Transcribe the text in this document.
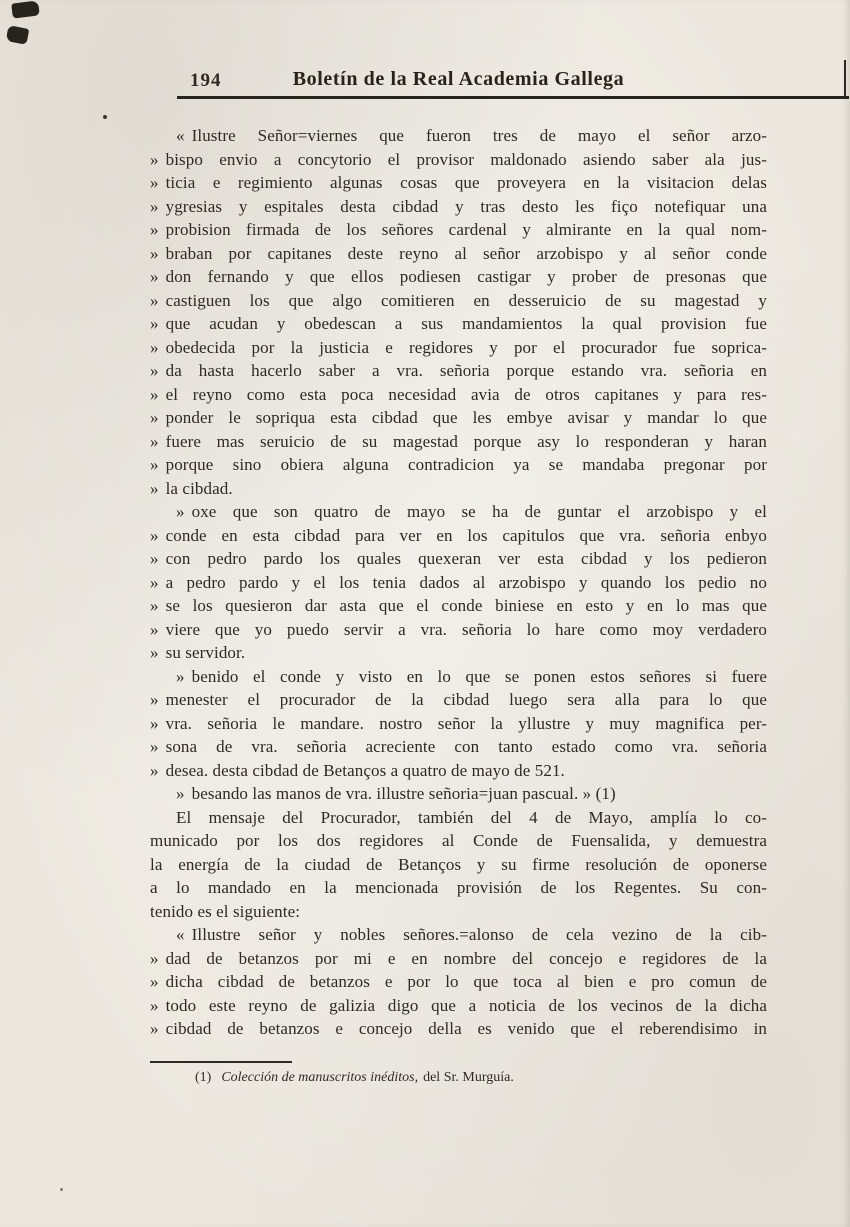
194	Boletín de la Real Academia Gallega
« Ilustre Señor=viernes que fueron tres de mayo el señor arzo-
» bispo envio a concytorio el provisor maldonado asiendo saber ala jus-
» ticia e regimiento algunas cosas que proveyera en la visitacion delas
» ygresias y espitales desta cibdad y tras desto les fiço notefiquar una
» probision firmada de los señores cardenal y almirante en la qual nom-
» braban por capitanes deste reyno al señor arzobispo y al señor conde
» don fernando y que ellos podiesen castigar y prober de presonas que
» castiguen los que algo comitieren en desseruicio de su magestad y
» que acudan y obedescan a sus mandamientos la qual provision fue
» obedecida por la justicia e regidores y por el procurador fue soprica-
» da hasta hacerlo saber a vra. señoria porque estando vra. señoria en
» el reyno como esta poca necesidad avia de otros capitanes y para res-
» ponder le sopriqua esta cibdad que les embye avisar y mandar lo que
» fuere mas seruicio de su magestad porque asy lo responderan y haran
» porque sino obiera alguna contradicion ya se mandaba pregonar por
» la cibdad.
» oxe que son quatro de mayo se ha de guntar el arzobispo y el
» conde en esta cibdad para ver en los capitulos que vra. señoria enbyo
» con pedro pardo los quales quexeran ver esta cibdad y los pedieron
» a pedro pardo y el los tenia dados al arzobispo y quando los pedio no
» se los quesieron dar asta que el conde biniese en esto y en lo mas que
» viere que yo puedo servir a vra. señoria lo hare como moy verdadero
» su servidor.
» benido el conde y visto en lo que se ponen estos señores si fuere
» menester el procurador de la cibdad luego sera alla para lo que
» vra. señoria le mandare. nostro señor la yllustre y muy magnifica per-
» sona de vra. señoria acreciente con tanto estado como vra. señoria
» desea. desta cibdad de Betanços a quatro de mayo de 521.
» besando las manos de vra. illustre señoria=juan pascual. » (1)
El mensaje del Procurador, también del 4 de Mayo, amplía lo co-
municado por los dos regidores al Conde de Fuensalida, y demuestra
la energía de la ciudad de Betanços y su firme resolución de oponerse
a lo mandado en la mencionada provisión de los Regentes. Su con-
tenido es el siguiente:
« Illustre señor y nobles señores.=alonso de cela vezino de la cib-
» dad de betanzos por mi e en nombre del concejo e regidores de la
» dicha cibdad de betanzos e por lo que toca al bien e pro comun de
» todo este reyno de galizia digo que a noticia de los vecinos de la dicha
» cibdad de betanzos e concejo della es venido que el reberendisimo in
(1) Colección de manuscritos inéditos, del Sr. Murguía.
